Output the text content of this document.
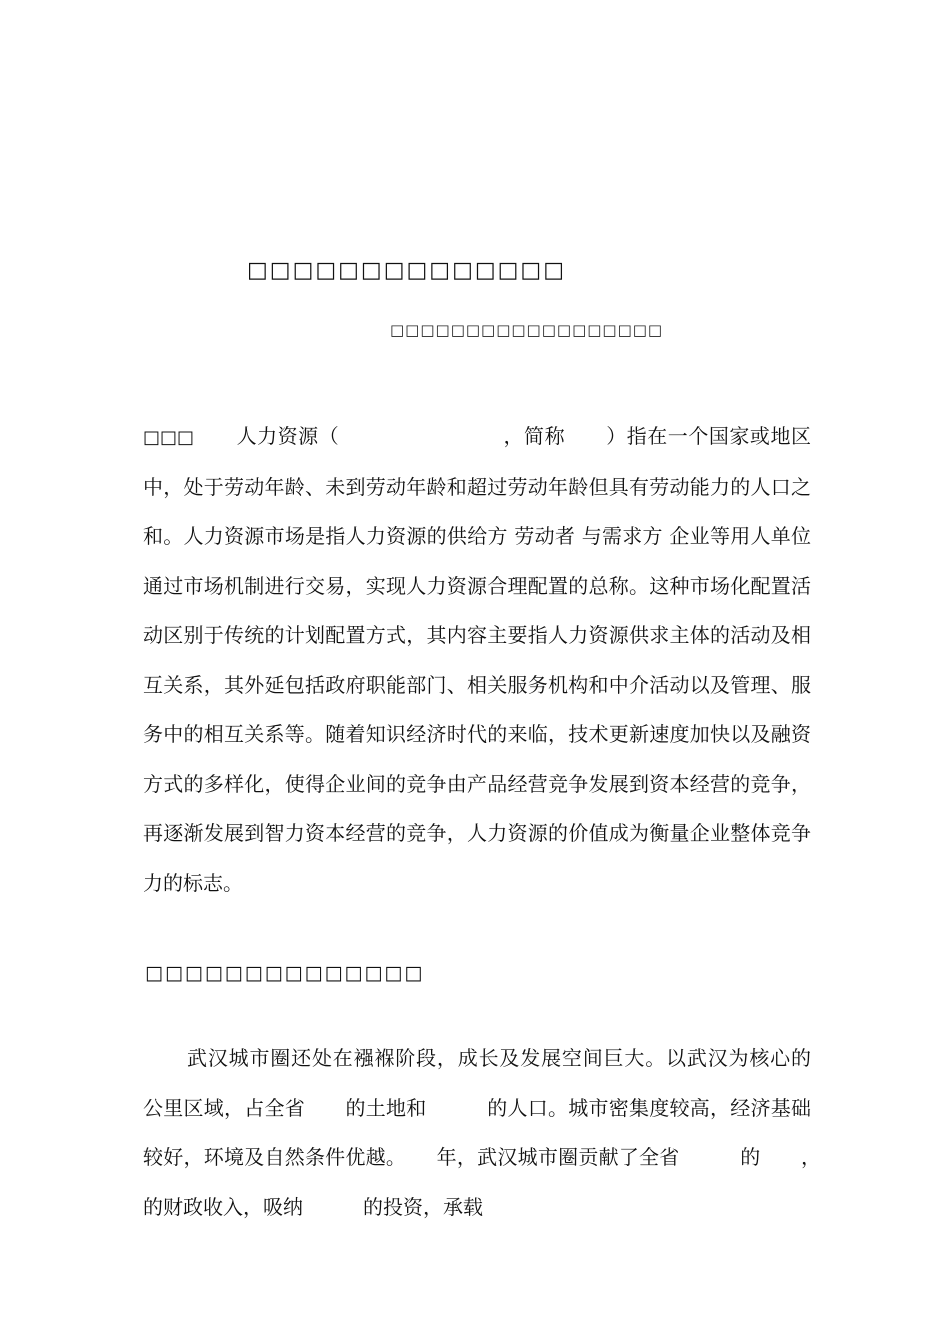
□□□□□□□□□□□□□□
□□□□□□□□□□□□□□□□□□
□□□ 人力资源（　　　　　　　　，简称　　）指在一个国家或地区中，处于劳动年龄、未到劳动年龄和超过劳动年龄但具有劳动能力的人口之和。人力资源市场是指人力资源的供给方 劳动者 与需求方 企业等用人单位 通过市场机制进行交易，实现人力资源合理配置的总称。这种市场化配置活动区别于传统的计划配置方式，其内容主要指人力资源供求主体的活动及相互关系，其外延包括政府职能部门、相关服务机构和中介活动以及管理、服务中的相互关系等。随着知识经济时代的来临，技术更新速度加快以及融资方式的多样化，使得企业间的竞争由产品经营竞争发展到资本经营的竞争，再逐渐发展到智力资本经营的竞争，人力资源的价值成为衡量企业整体竞争力的标志。
□□□□□□□□□□□□□□
武汉城市圈还处在襁褓阶段，成长及发展空间巨大。以武汉为核心的　　公里区域，占全省　　的土地和　　　的人口。城市密集度较高，经济基础较好，环境及自然条件优越。　　年，武汉城市圈贡献了全省　　　的　　，　　　的财政收入，吸纳　　　的投资，承载
